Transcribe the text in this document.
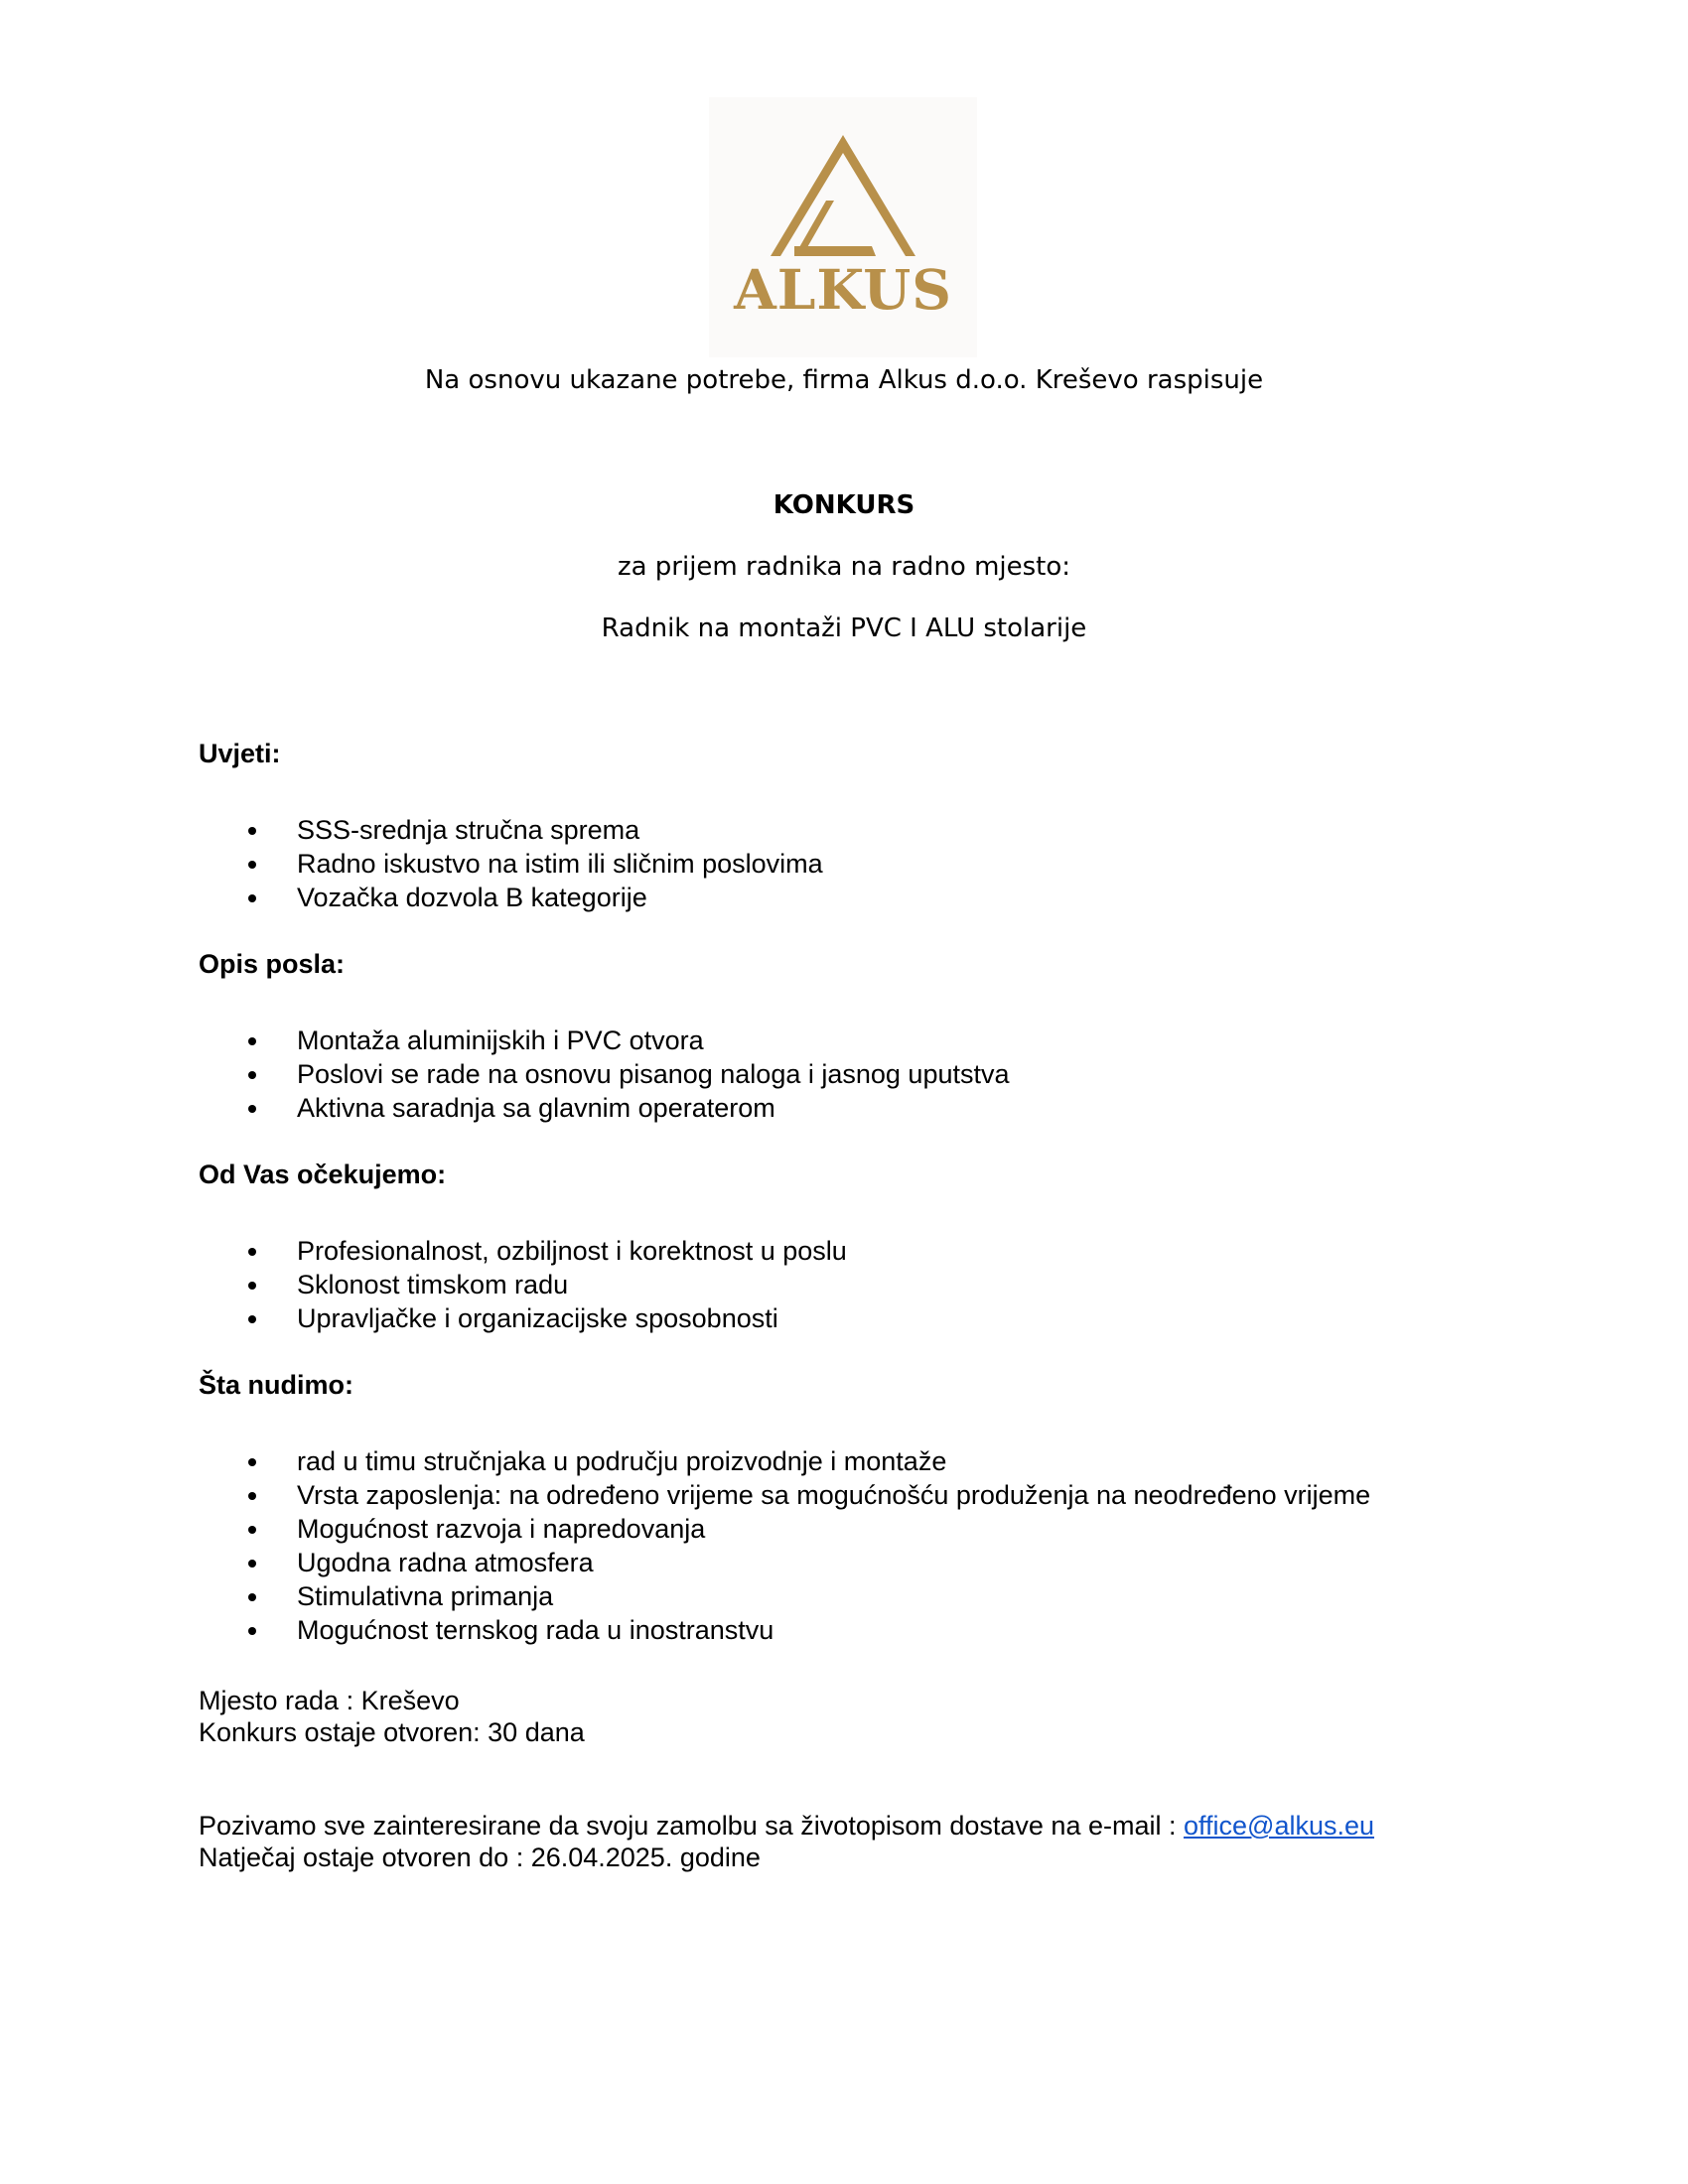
ALKUS
Na osnovu ukazane potrebe, firma Alkus d.o.o. Kreševo raspisuje
KONKURS
za prijem radnika na radno mjesto:
Radnik na montaži PVC I ALU stolarije
Uvjeti:
SSS-srednja stručna sprema
Radno iskustvo na istim ili sličnim poslovima
Vozačka dozvola B kategorije
Opis posla:
Montaža aluminijskih i PVC otvora
Poslovi se rade na osnovu pisanog naloga i jasnog uputstva
Aktivna saradnja sa glavnim operaterom
Od Vas očekujemo:
Profesionalnost, ozbiljnost i korektnost u poslu
Sklonost timskom radu
Upravljačke i organizacijske sposobnosti
Šta nudimo:
rad u timu stručnjaka u području proizvodnje i montaže
Vrsta zaposlenja: na određeno vrijeme sa mogućnošću produženja na neodređeno vrijeme
Mogućnost razvoja i napredovanja
Ugodna radna atmosfera
Stimulativna primanja
Mogućnost ternskog rada u inostranstvu
Mjesto rada : Kreševo
Konkurs ostaje otvoren: 30 dana
Pozivamo sve zainteresirane da svoju zamolbu sa životopisom dostave na e-mail : office@alkus.eu
Natječaj ostaje otvoren do : 26.04.2025. godine
